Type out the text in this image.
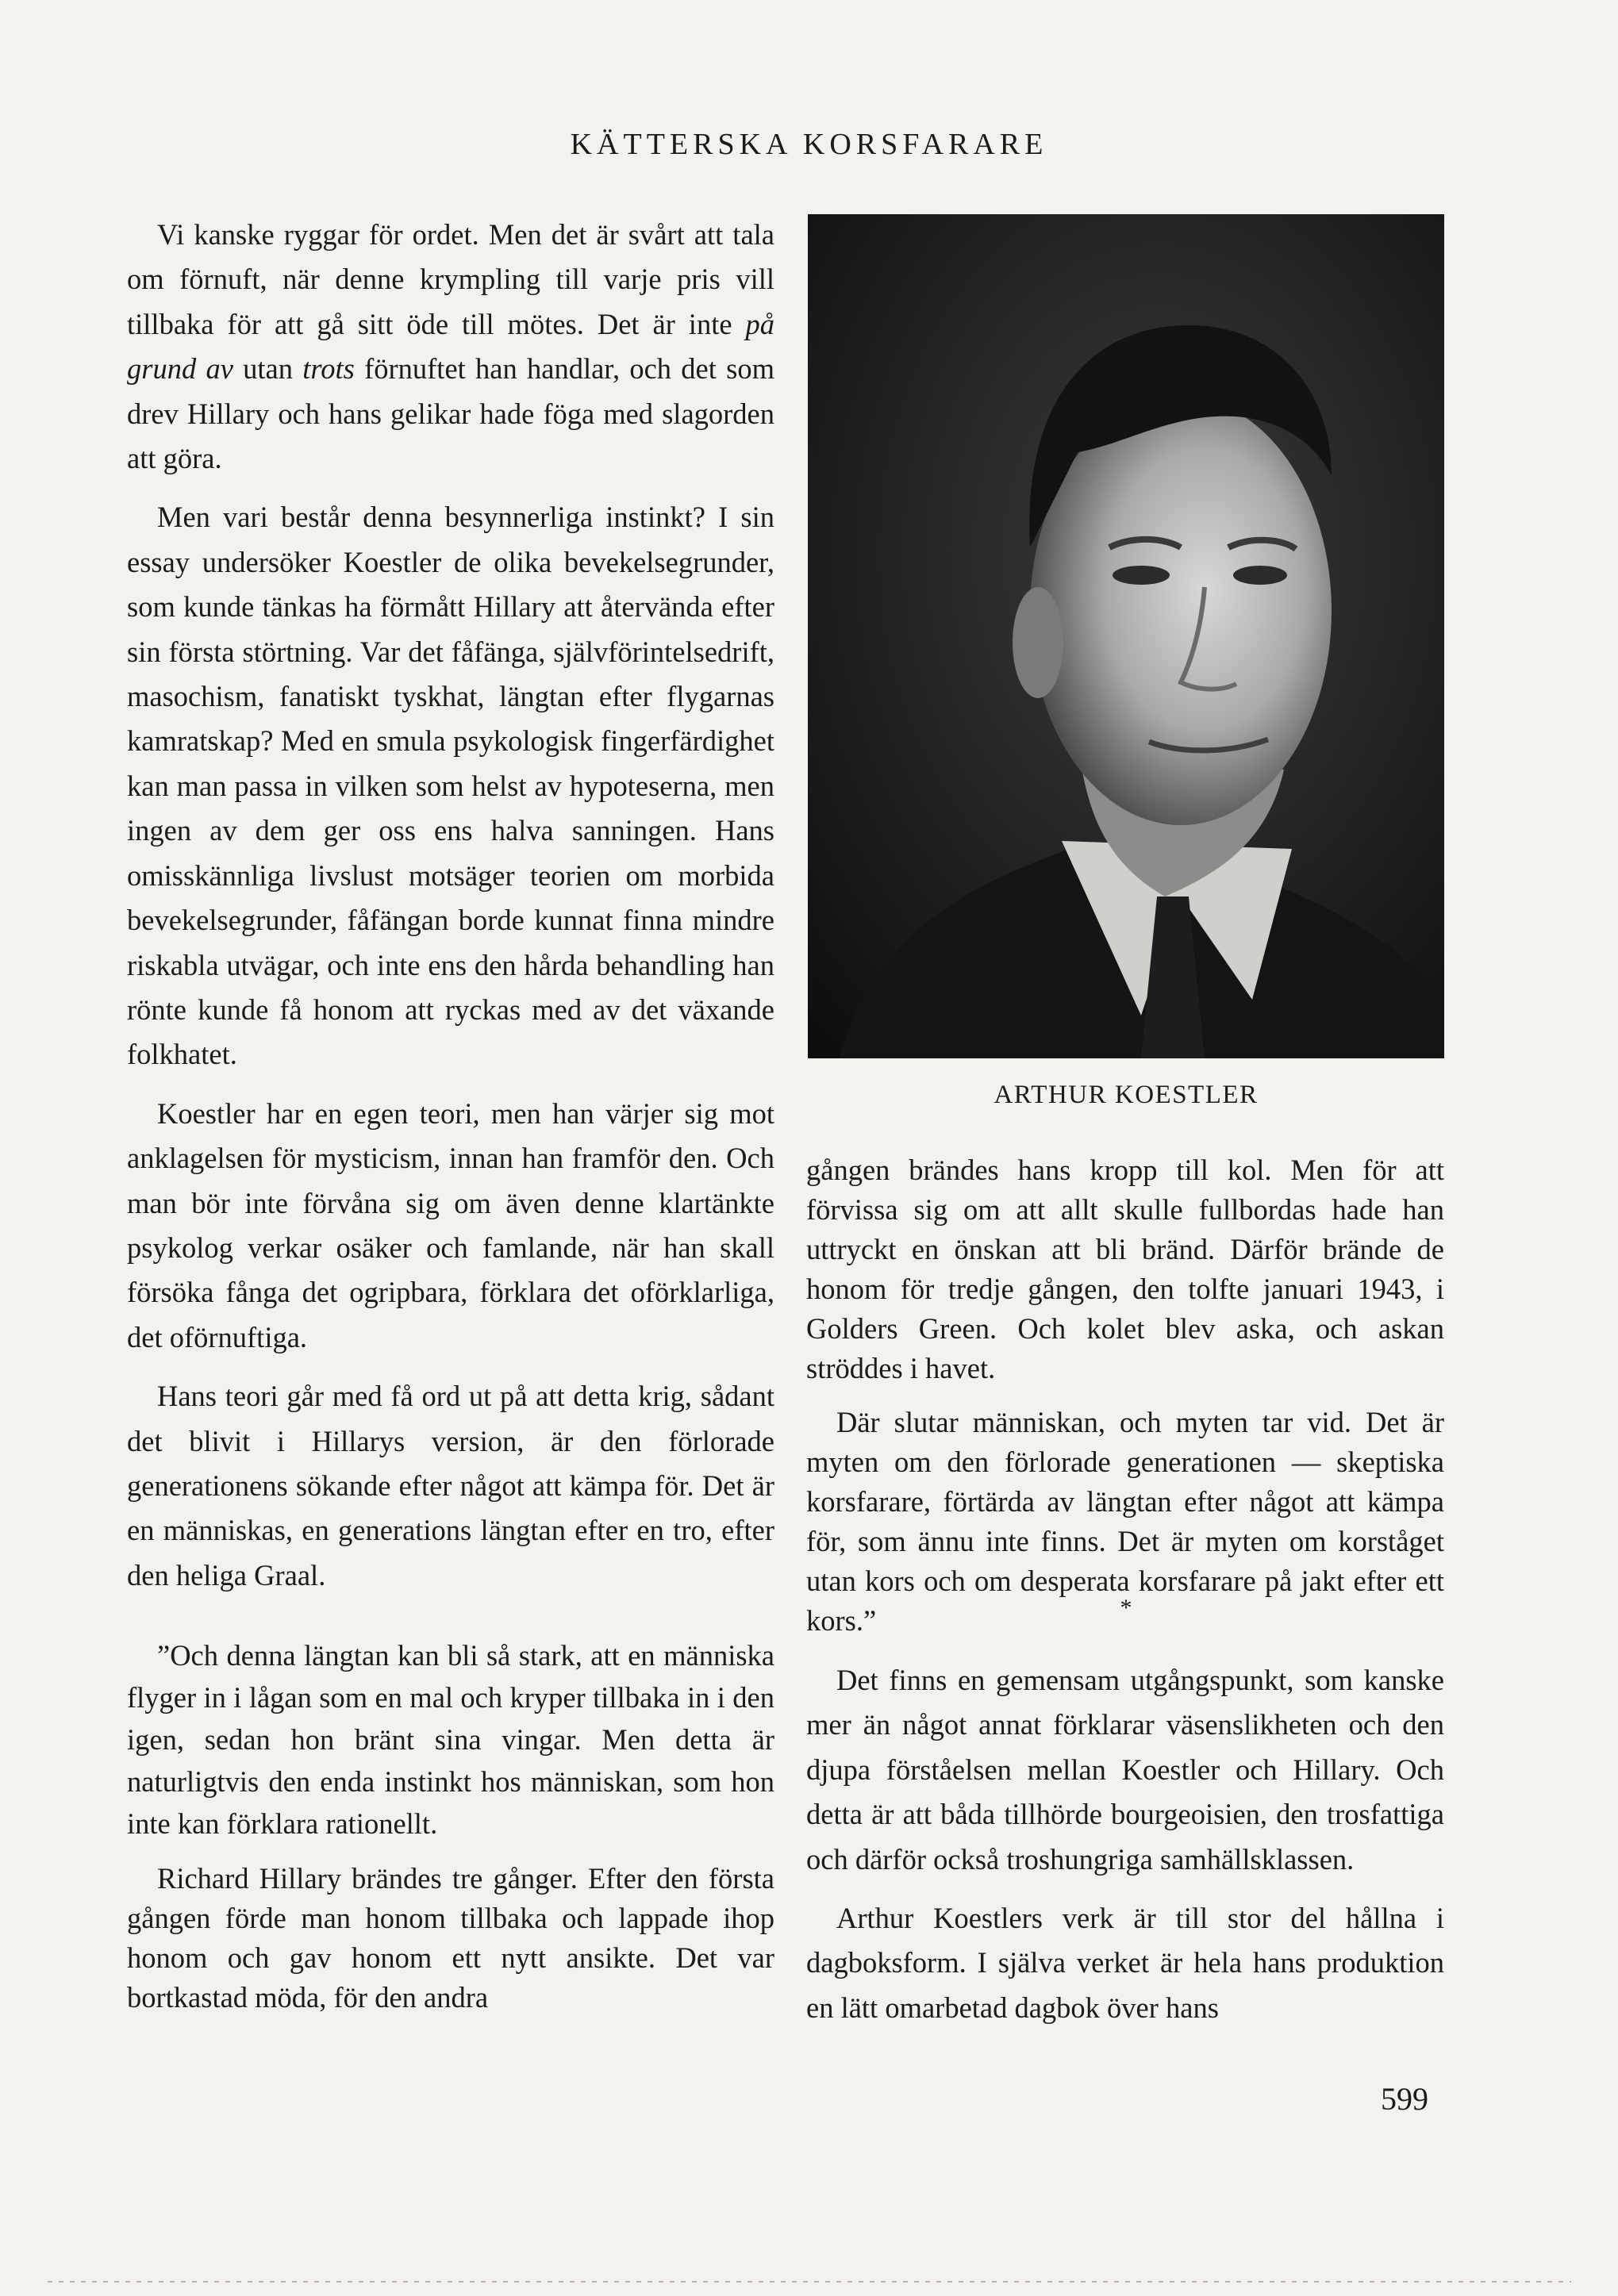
KÄTTERSKA KORSFARARE

Vi kanske ryggar för ordet. Men det är svårt att tala om förnuft, när denne krympling till varje pris vill tillbaka för att gå sitt öde till mötes. Det är inte på grund av utan trots förnuftet han handlar, och det som drev Hillary och hans gelikar hade föga med slagorden att göra.

Men vari består denna besynnerliga instinkt? I sin essay undersöker Koestler de olika bevekelsegrunder, som kunde tänkas ha förmått Hillary att återvända efter sin första störtning. Var det fåfänga, självförintelsedrift, masochism, fanatiskt tyskhat, längtan efter flygarnas kamratskap? Med en smula psykologisk fingerfärdighet kan man passa in vilken som helst av hypoteserna, men ingen av dem ger oss ens halva sanningen. Hans omisskännliga livslust motsäger teorien om morbida bevekelsegrunder, fåfängan borde kunnat finna mindre riskabla utvägar, och inte ens den hårda behandling han rönte kunde få honom att ryckas med av det växande folkhatet.

Koestler har en egen teori, men han värjer sig mot anklagelsen för mysticism, innan han framför den. Och man bör inte förvåna sig om även denne klartänkte psykolog verkar osäker och famlande, när han skall försöka fånga det ogripbara, förklara det oförklarliga, det oförnuftiga.

Hans teori går med få ord ut på att detta krig, sådant det blivit i Hillarys version, är den förlorade generationens sökande efter något att kämpa för. Det är en människas, en generations längtan efter en tro, efter den heliga Graal.

”Och denna längtan kan bli så stark, att en människa flyger in i lågan som en mal och kryper tillbaka in i den igen, sedan hon bränt sina vingar. Men detta är naturligtvis den enda instinkt hos människan, som hon inte kan förklara rationellt.

Richard Hillary brändes tre gånger. Efter den första gången förde man honom tillbaka och lappade ihop honom och gav honom ett nytt ansikte. Det var bortkastad möda, för den andra

ARTHUR KOESTLER

gången brändes hans kropp till kol. Men för att förvissa sig om att allt skulle fullbordas hade han uttryckt en önskan att bli bränd. Därför brände de honom för tredje gången, den tolfte januari 1943, i Golders Green. Och kolet blev aska, och askan ströddes i havet.

Där slutar människan, och myten tar vid. Det är myten om den förlorade generationen — skeptiska korsfarare, förtärda av längtan efter något att kämpa för, som ännu inte finns. Det är myten om korståget utan kors och om desperata korsfarare på jakt efter ett kors.”	*

Det finns en gemensam utgångspunkt, som kanske mer än något annat förklarar väsenslikheten och den djupa förståelsen mellan Koestler och Hillary. Och detta är att båda tillhörde bourgeoisien, den trosfattiga och därför också troshungriga samhällsklassen.

Arthur Koestlers verk är till stor del hållna i dagboksform. I själva verket är hela hans produktion en lätt omarbetad dagbok över hans

599
